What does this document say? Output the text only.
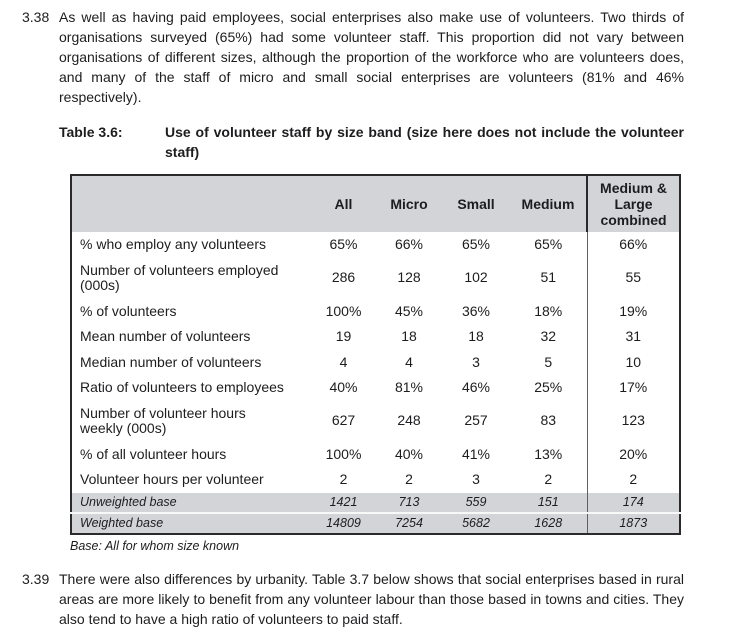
3.38 As well as having paid employees, social enterprises also make use of volunteers. Two thirds of organisations surveyed (65%) had some volunteer staff. This proportion did not vary between organisations of different sizes, although the proportion of the workforce who are volunteers does, and many of the staff of micro and small social enterprises are volunteers (81% and 46% respectively).
Table 3.6:	Use of volunteer staff by size band (size here does not include the volunteer staff)
	All	Micro	Small	Medium	Medium & Large combined
% who employ any volunteers	65%	66%	65%	65%	66%
Number of volunteers employed (000s)	286	128	102	51	55
% of volunteers	100%	45%	36%	18%	19%
Mean number of volunteers	19	18	18	32	31
Median number of volunteers	4	4	3	5	10
Ratio of volunteers to employees	40%	81%	46%	25%	17%
Number of volunteer hours weekly (000s)	627	248	257	83	123
% of all volunteer hours	100%	40%	41%	13%	20%
Volunteer hours per volunteer	2	2	3	2	2
Unweighted base	1421	713	559	151	174
Weighted base	14809	7254	5682	1628	1873
Base: All for whom size known
3.39 There were also differences by urbanity. Table 3.7 below shows that social enterprises based in rural areas are more likely to benefit from any volunteer labour than those based in towns and cities. They also tend to have a high ratio of volunteers to paid staff.
